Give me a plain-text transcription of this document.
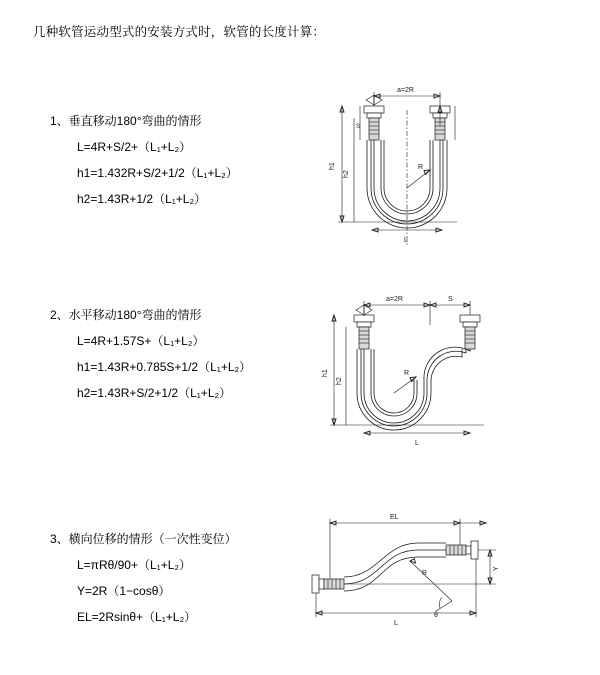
几种软管运动型式的安装方式时，软管的长度计算：
1、垂直移动180°弯曲的情形
L=4R+S/2+（L₁+L₂）
h1=1.432R+S/2+1/2（L₁+L₂）
h2=1.43R+1/2（L₁+L₂）
a=2R
R
S
h1
h2
L
2、水平移动180°弯曲的情形
L=4R+1.57S+（L₁+L₂）
h1=1.43R+0.785S+1/2（L₁+L₂）
h2=1.43R+S/2+1/2（L₁+L₂）
a=2R	S
R
h1
h2
L
3、横向位移的情形（一次性变位）
L=πRθ/90+（L₁+L₂）
Y=2R（1−cosθ）
EL=2Rsinθ+（L₁+L₂）
EL
R
θ
Y
L
